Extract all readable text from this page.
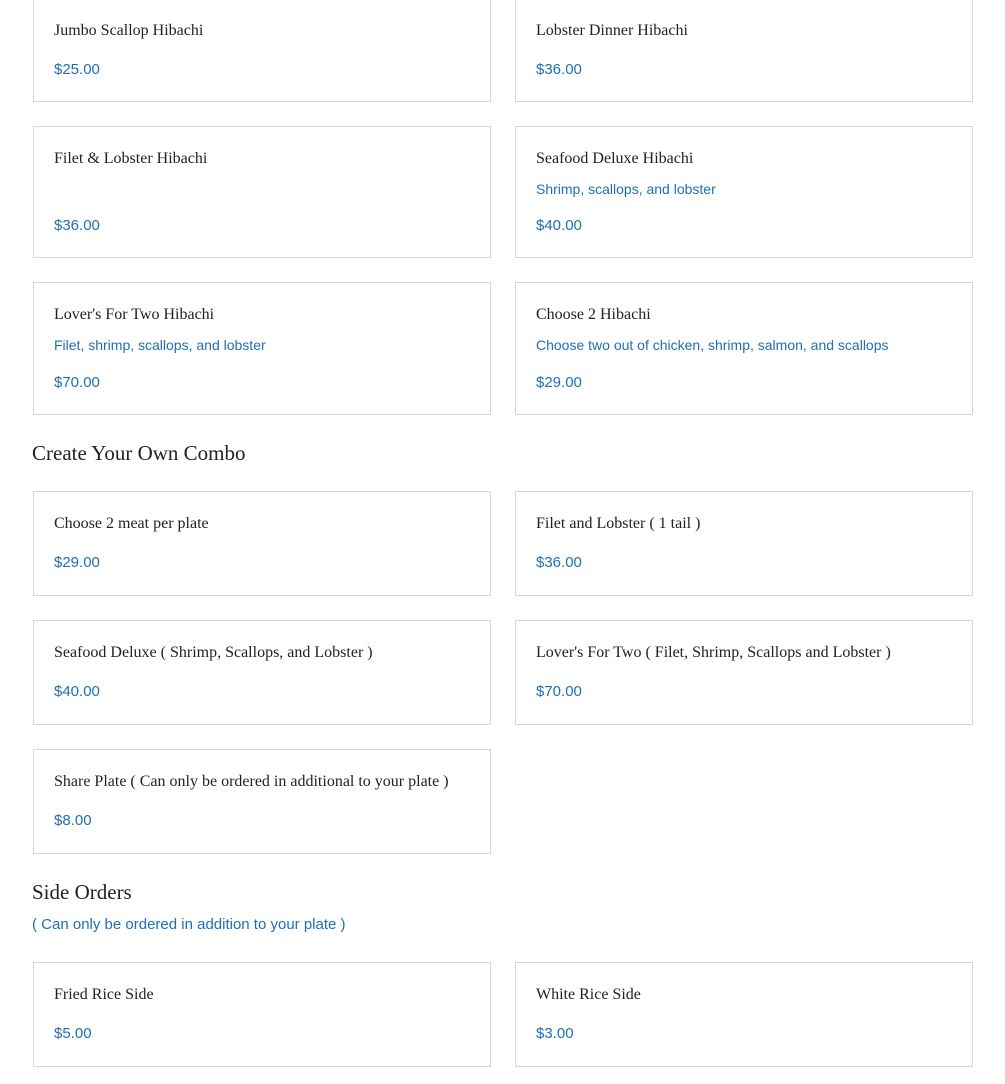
Jumbo Scallop Hibachi
$25.00
Lobster Dinner Hibachi
$36.00
Filet & Lobster Hibachi
$36.00
Seafood Deluxe Hibachi
Shrimp, scallops, and lobster
$40.00
Lover's For Two Hibachi
Filet, shrimp, scallops, and lobster
$70.00
Choose 2 Hibachi
Choose two out of chicken, shrimp, salmon, and scallops
$29.00
Create Your Own Combo
Choose 2 meat per plate
$29.00
Filet and Lobster ( 1 tail )
$36.00
Seafood Deluxe ( Shrimp, Scallops, and Lobster )
$40.00
Lover's For Two ( Filet, Shrimp, Scallops and Lobster )
$70.00
Share Plate ( Can only be ordered in additional to your plate )
$8.00
Side Orders
( Can only be ordered in addition to your plate )
Fried Rice Side
$5.00
White Rice Side
$3.00
